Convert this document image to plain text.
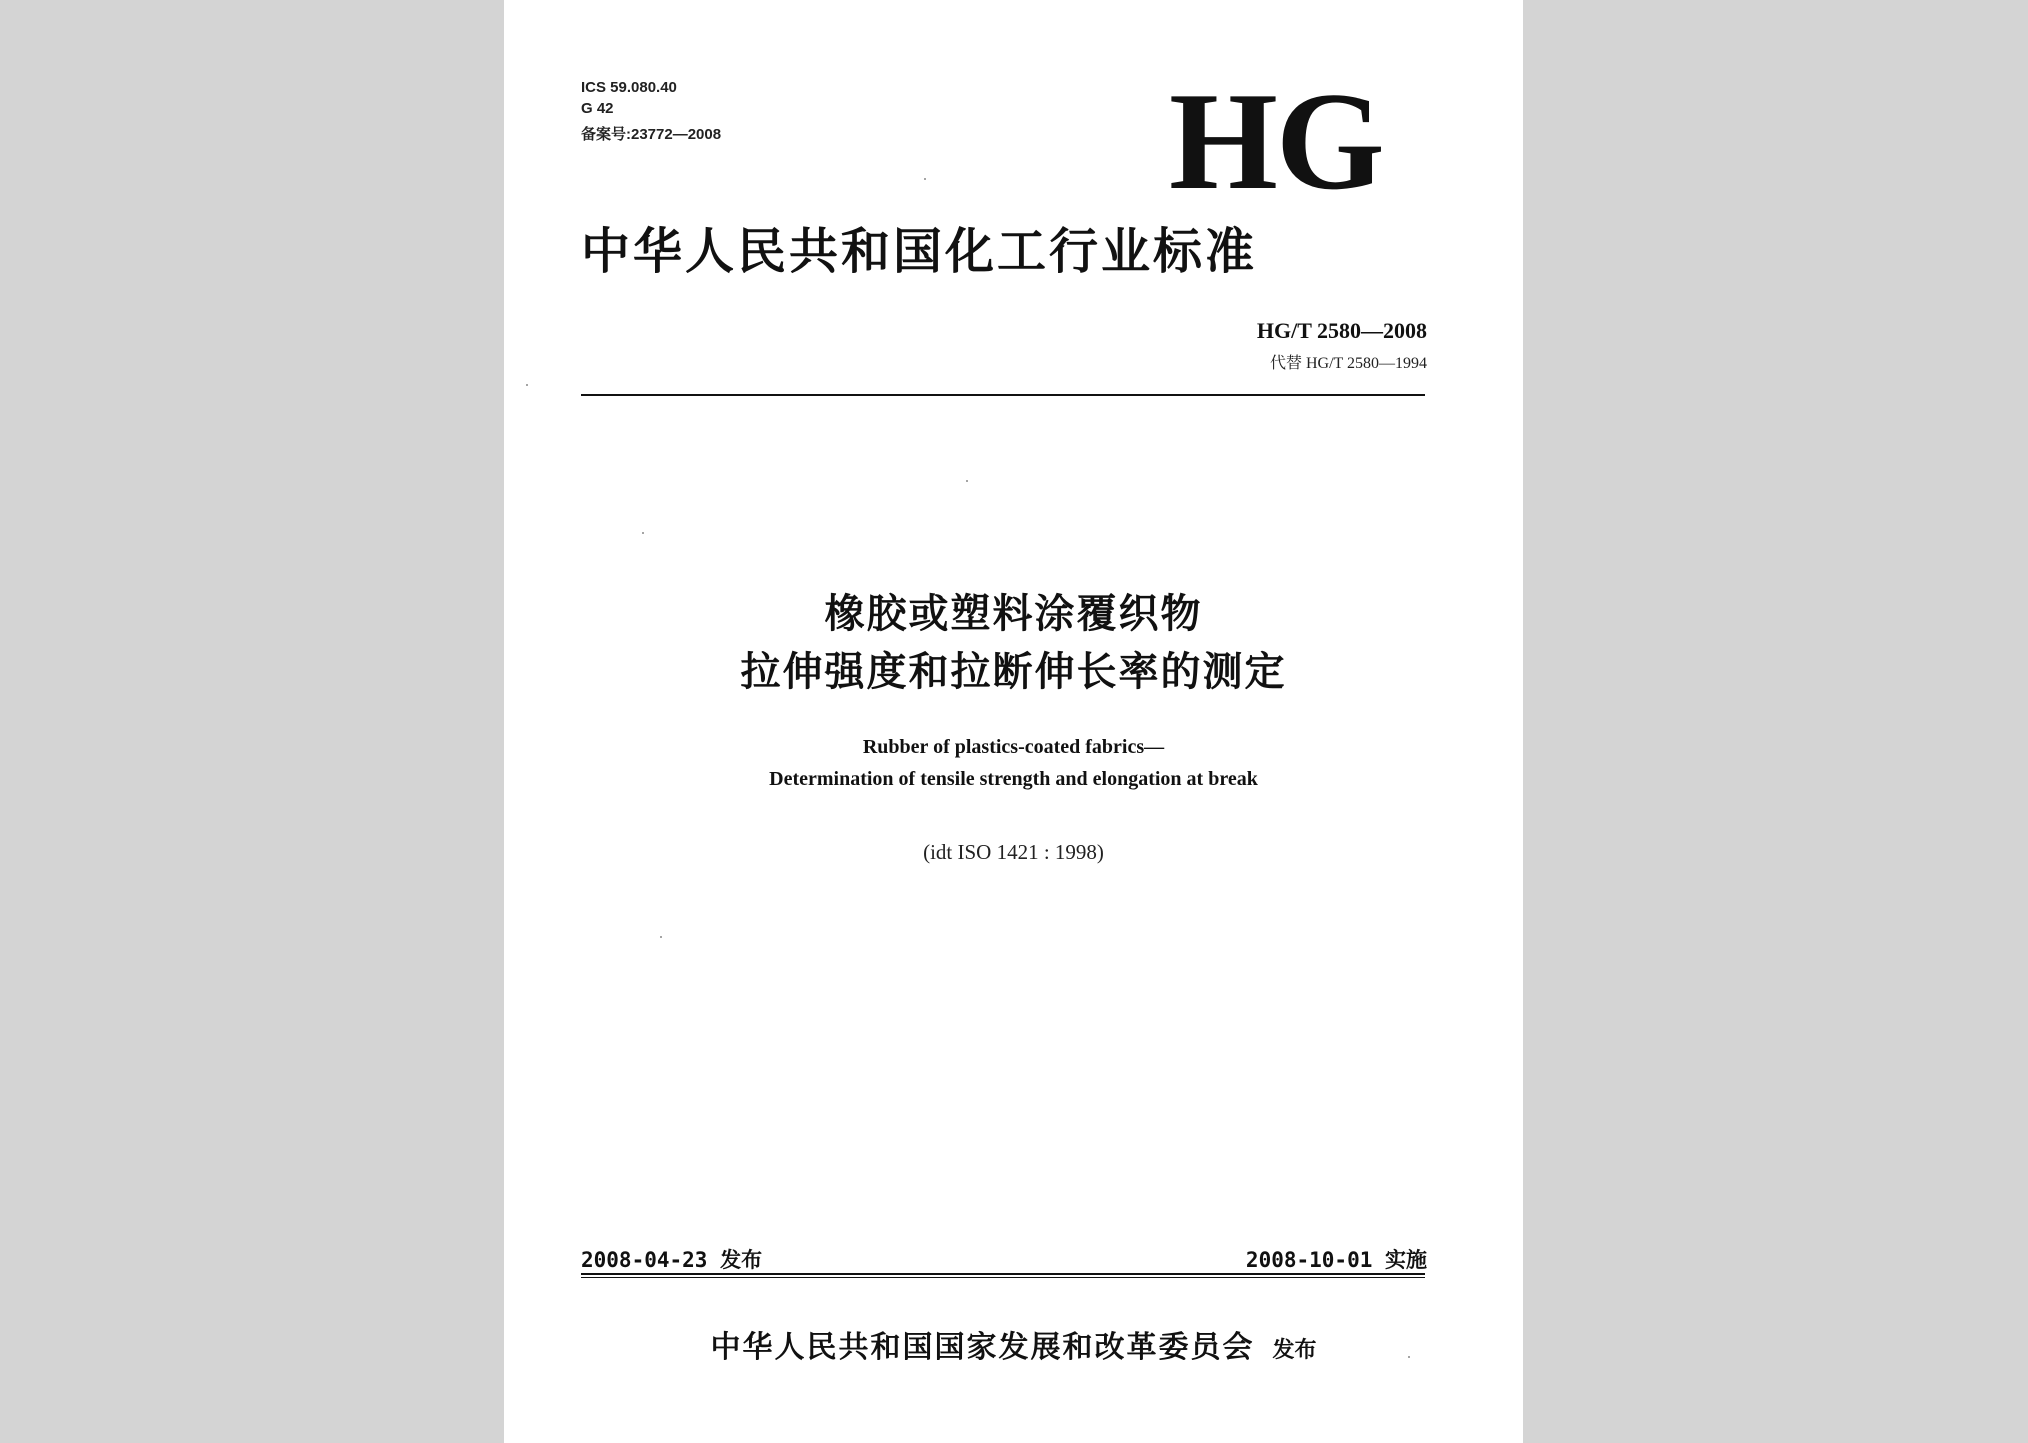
ICS 59.080.40
G 42
备案号:23772—2008	HG
中华人民共和国化工行业标准
HG/T 2580—2008
代替 HG/T 2580—1994
橡胶或塑料涂覆织物
拉伸强度和拉断伸长率的测定
Rubber of plastics-coated fabrics—
Determination of tensile strength and elongation at break
(idt ISO 1421 : 1998)
2008-04-23 发布	2008-10-01 实施
中华人民共和国国家发展和改革委员会 发布
